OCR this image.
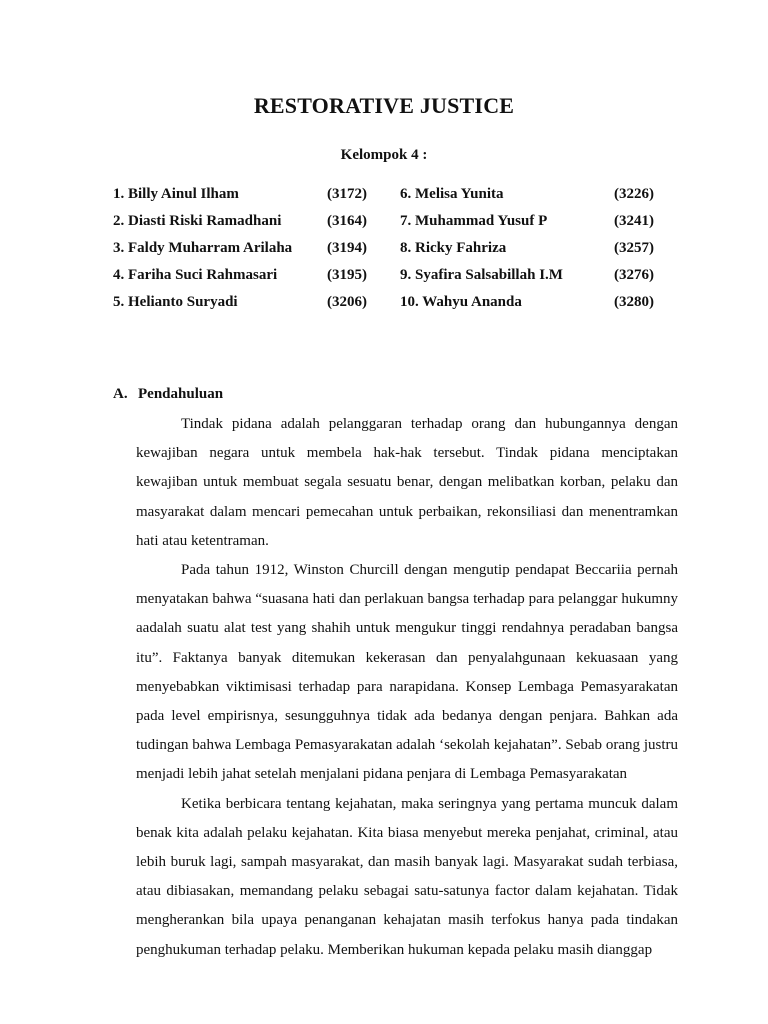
RESTORATIVE JUSTICE
Kelompok 4 :
1. Billy Ainul Ilham	(3172) 6. Melisa Yunita	(3226)
2. Diasti Riski Ramadhani	(3164) 7. Muhammad Yusuf P	(3241)
3. Faldy Muharram Arilaha (3194) 8. Ricky Fahriza	(3257)
4. Fariha Suci Rahmasari	(3195) 9. Syafira Salsabillah I.M	(3276)
5. Helianto Suryadi	(3206) 10. Wahyu Ananda	(3280)
A. Pendahuluan

Tindak pidana adalah pelanggaran terhadap orang dan hubungannya dengan kewajiban negara untuk membela hak-hak tersebut. Tindak pidana menciptakan kewajiban untuk membuat segala sesuatu benar, dengan melibatkan korban, pelaku dan masyarakat dalam mencari pemecahan untuk perbaikan, rekonsiliasi dan menentramkan hati atau ketentraman.

Pada tahun 1912, Winston Churcill dengan mengutip pendapat Beccariia pernah menyatakan bahwa “suasana hati dan perlakuan bangsa terhadap para pelanggar hukumny aadalah suatu alat test yang shahih untuk mengukur tinggi rendahnya peradaban bangsa itu”. Faktanya banyak ditemukan kekerasan dan penyalahgunaan kekuasaan yang menyebabkan viktimisasi terhadap para narapidana. Konsep Lembaga Pemasyarakatan pada level empirisnya, sesungguhnya tidak ada bedanya dengan penjara. Bahkan ada tudingan bahwa Lembaga Pemasyarakatan adalah ‘sekolah kejahatan”. Sebab orang justru menjadi lebih jahat setelah menjalani pidana penjara di Lembaga Pemasyarakatan

Ketika berbicara tentang kejahatan, maka seringnya yang pertama muncuk dalam benak kita adalah pelaku kejahatan. Kita biasa menyebut mereka penjahat, criminal, atau lebih buruk lagi, sampah masyarakat, dan masih banyak lagi. Masyarakat sudah terbiasa, atau dibiasakan, memandang pelaku sebagai satu-satunya factor dalam kejahatan. Tidak mengherankan bila upaya penanganan kehajatan masih terfokus hanya pada tindakan penghukuman terhadap pelaku. Memberikan hukuman kepada pelaku masih dianggap
